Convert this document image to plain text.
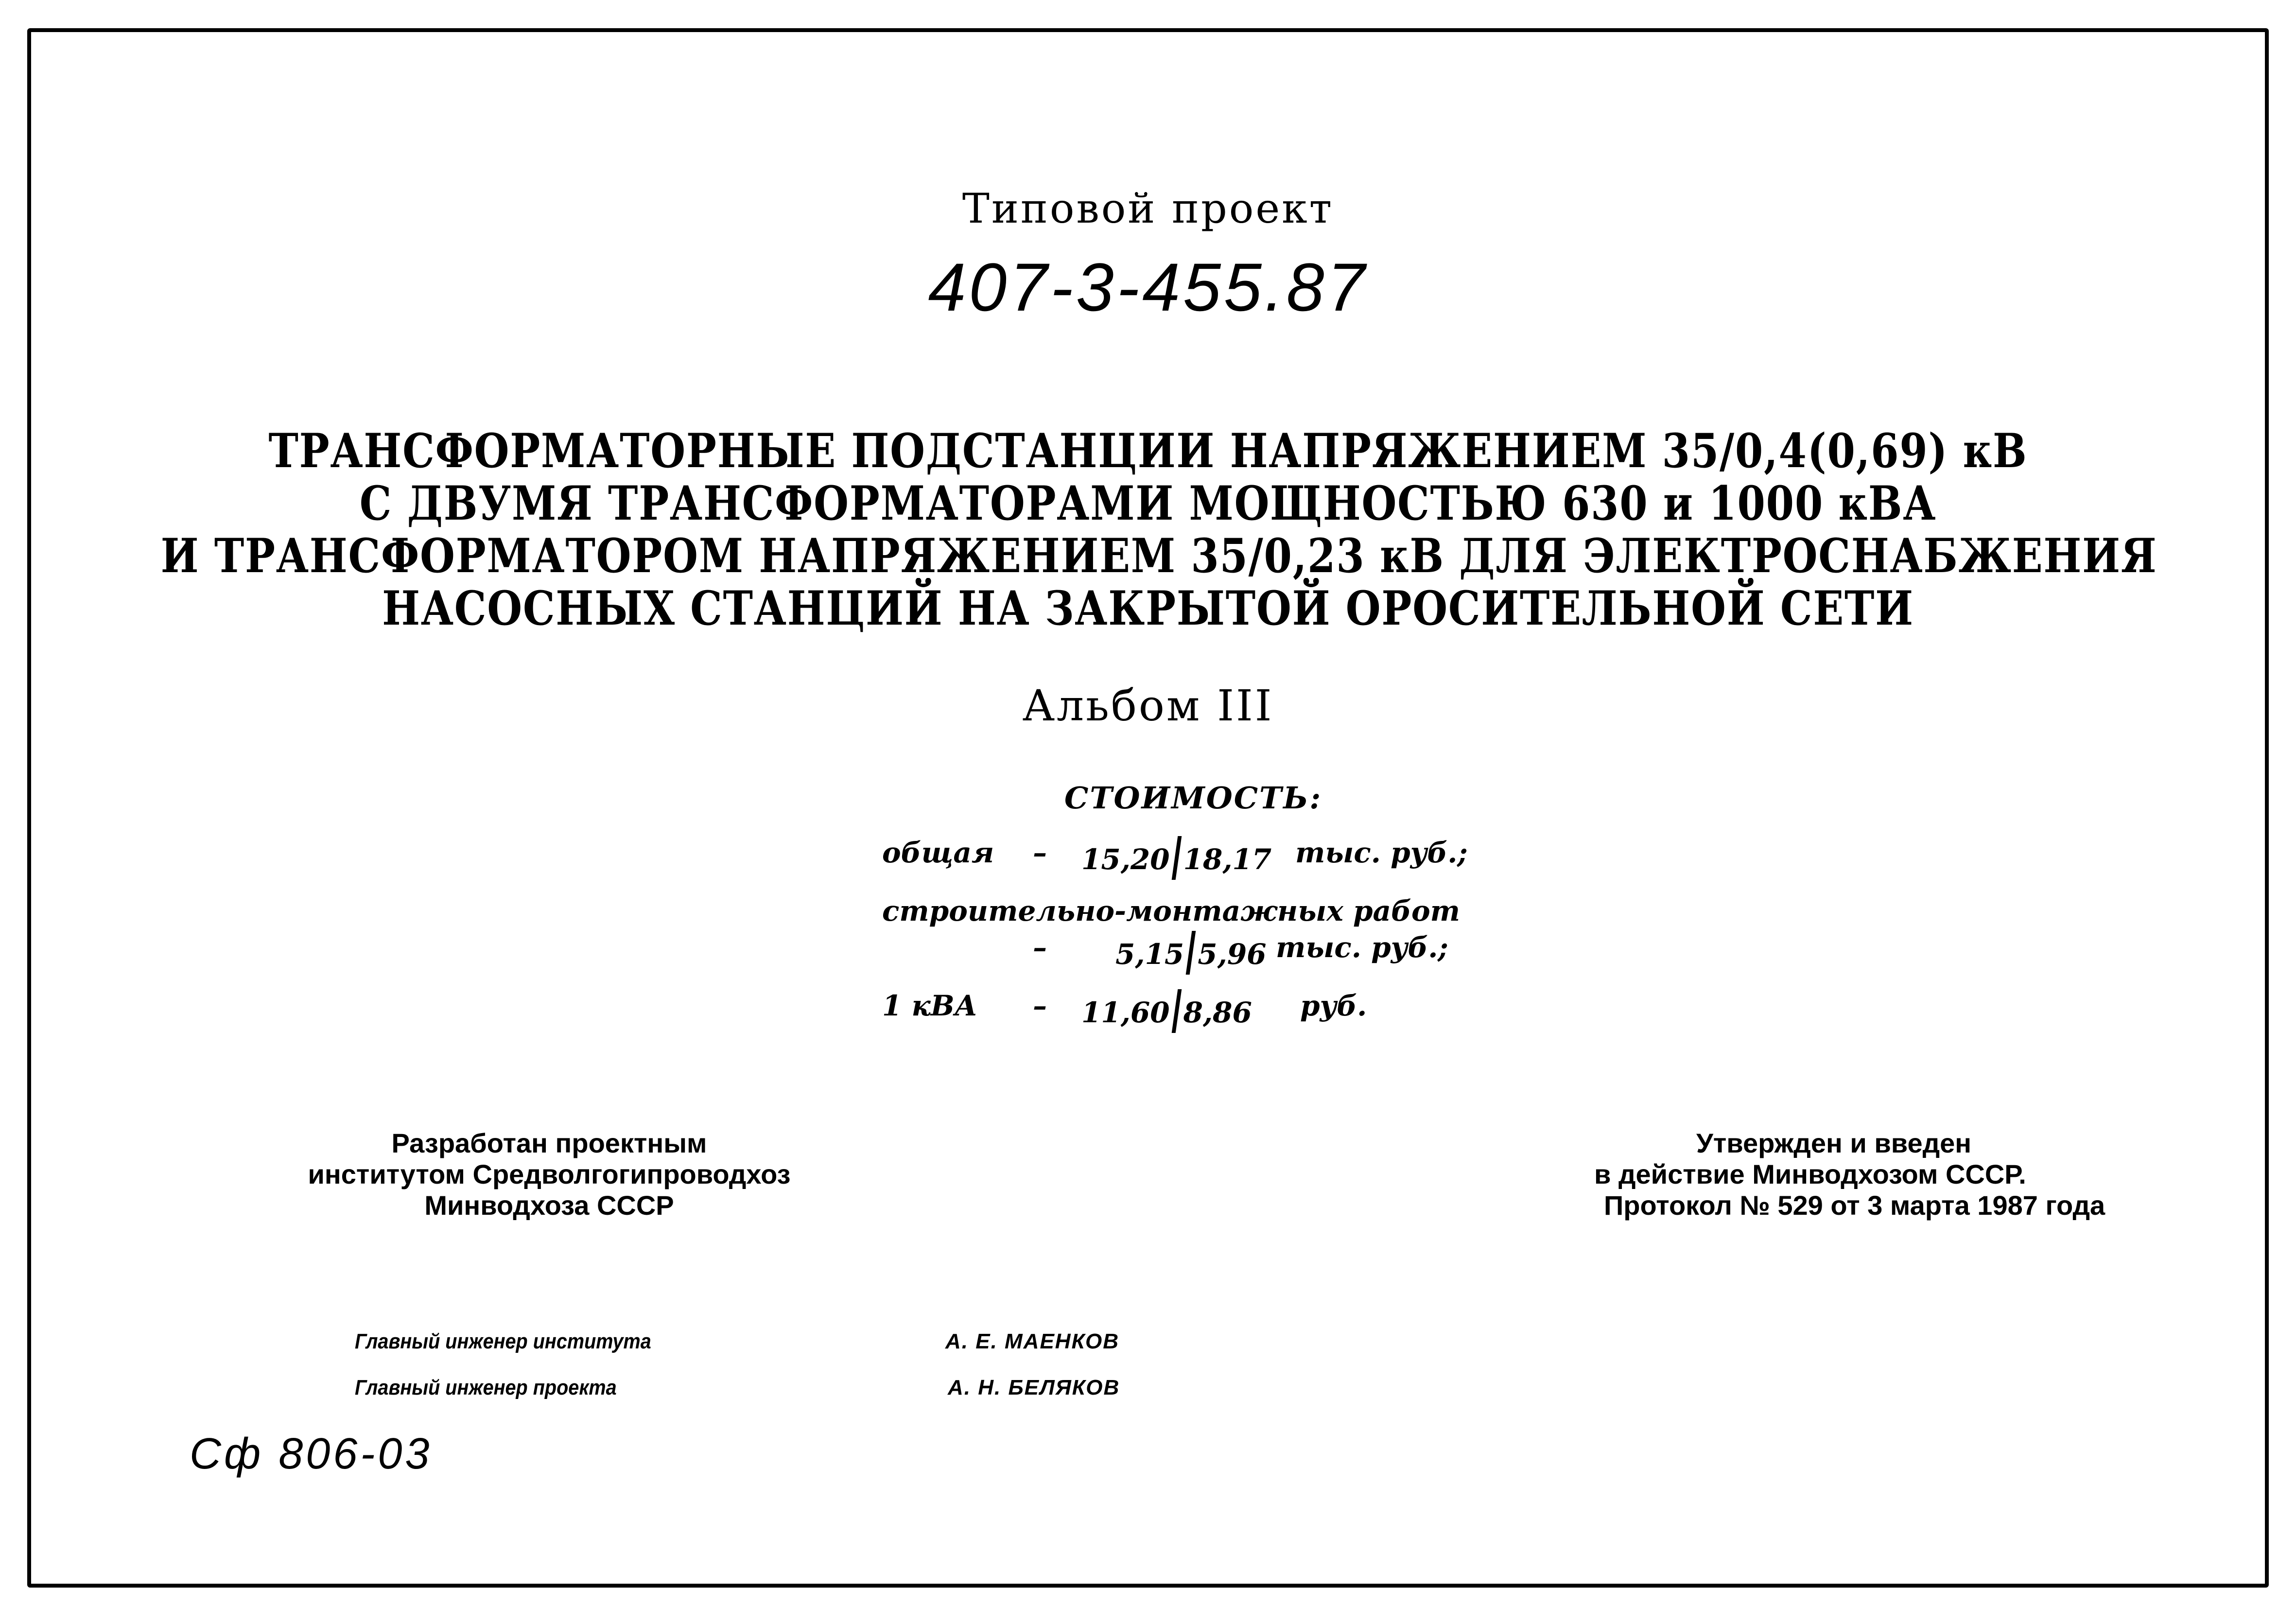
Типовой проект
407-3-455.87
ТРАНСФОРМАТОРНЫЕ ПОДСТАНЦИИ НАПРЯЖЕНИЕМ 35/0,4(0,69) кВ
С ДВУМЯ ТРАНСФОРМАТОРАМИ МОЩНОСТЬЮ 630 и 1000 кВА
И ТРАНСФОРМАТОРОМ НАПРЯЖЕНИЕМ 35/0,23 кВ ДЛЯ ЭЛЕКТРОСНАБЖЕНИЯ
НАСОСНЫХ СТАНЦИЙ НА ЗАКРЫТОЙ ОРОСИТЕЛЬНОЙ СЕТИ
Альбом III
СТОИМОСТЬ:
общая – 15,20 18,17 тыс. руб.;
строительно-монтажных работ
– 5,15 5,96 тыс. руб.;
1 кВА – 11,60 8,86 руб.
Разработан проектным
институтом Средволгогипроводхоз
Минводхоза СССР
Утвержден и введен
в действие Минводхозом СССР.
Протокол № 529 от 3 марта 1987 года
Главный инженер института	А. Е. МАЕНКОВ
Главный инженер проекта	А. Н. БЕЛЯКОВ
Сф 806-03
